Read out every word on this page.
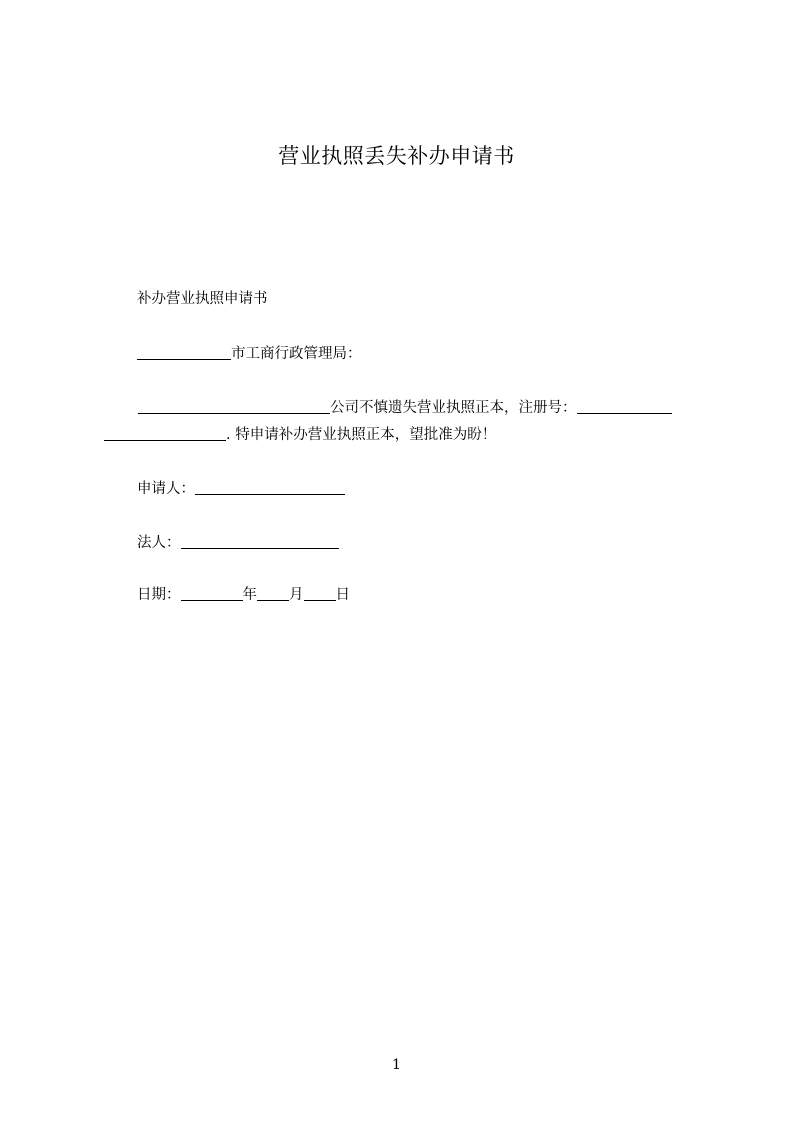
营业执照丢失补办申请书
补办营业执照申请书
市工商行政管理局：
公司不慎遗失营业执照正本，注册号：
. 特申请补办营业执照正本，望批准为盼！
申请人：
法人：
日期：	年 月 日
1
